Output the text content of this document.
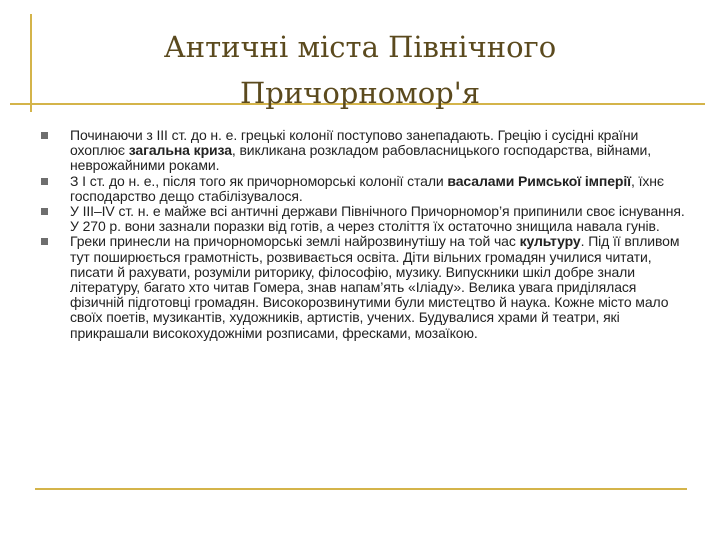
Античні міста Північного
Причорномор'я
Починаючи з ІІІ ст. до н. е. грецькі колонії поступово занепадають. Грецію і сусідні країни охоплює загальна криза, викликана розкладом рабовласницького господарства, війнами, неврожайними роками.
З І ст. до н. е., після того як причорноморські колонії стали васалами Римської імперії, їхнє господарство дещо стабілізувалося.
У ІІІ–ІV ст. н. е майже всі античні держави Північного Причорномор’я припинили своє існування. У 270 р. вони зазнали поразки від готів, а через століття їх остаточно знищила навала гунів.
Греки принесли на причорноморські землі найрозвинутішу на той час культуру. Під її впливом тут поширюється грамотність, розвивається освіта. Діти вільних громадян училися читати, писати й рахувати, розуміли риторику, філософію, музику. Випускники шкіл добре знали літературу, багато хто читав Гомера, знав напам’ять «Іліаду». Велика увага приділялася фізичній підготовці громадян. Високорозвинутими були мистецтво й наука. Кожне місто мало своїх поетів, музикантів, художників, артистів, учених. Будувалися храми й театри, які прикрашали високохудожніми розписами, фресками, мозаїкою.
